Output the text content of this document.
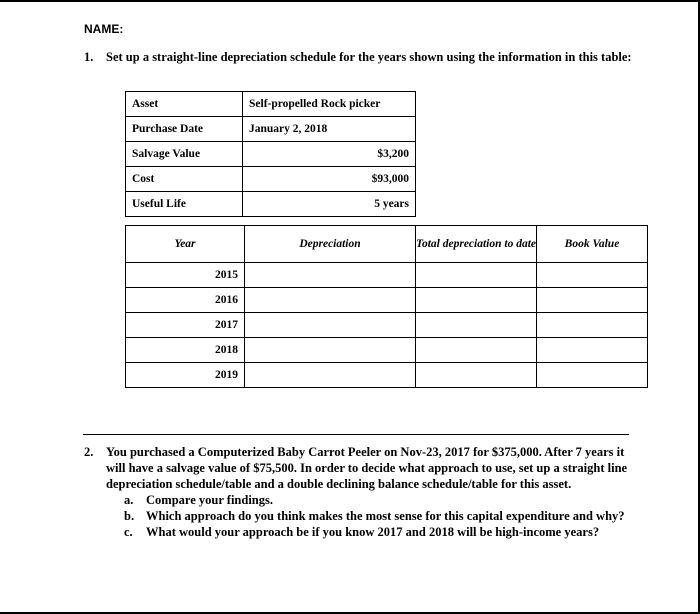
NAME:
1. Set up a straight-line depreciation schedule for the years shown using the information in this table:
Asset	Self-propelled Rock picker
Purchase Date	January 2, 2018
Salvage Value	$3,200
Cost	$93,000
Useful Life	5 years
Year	Depreciation	Total depreciation to date	Book Value
2015			
2016			
2017			
2018			
2019			
2. You purchased a Computerized Baby Carrot Peeler on Nov-23, 2017 for $375,000. After 7 years it will have a salvage value of $75,500. In order to decide what approach to use, set up a straight line depreciation schedule/table and a double declining balance schedule/table for this asset.
a. Compare your findings.
b. Which approach do you think makes the most sense for this capital expenditure and why?
c. What would your approach be if you know 2017 and 2018 will be high-income years?
